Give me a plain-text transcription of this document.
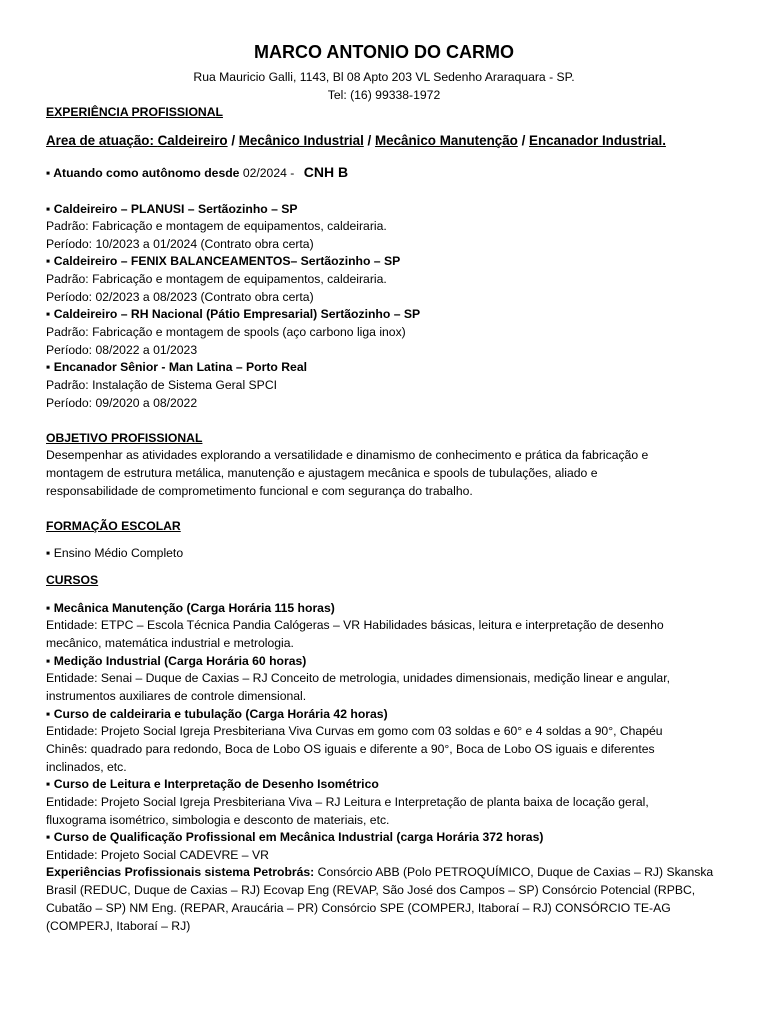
MARCO ANTONIO DO CARMO
Rua Mauricio Galli, 1143, Bl 08 Apto 203 VL Sedenho Araraquara - SP.
Tel: (16) 99338-1972
EXPERIÊNCIA PROFISSIONAL
Area de atuação: Caldeireiro / Mecânico Industrial / Mecânico Manutenção / Encanador Industrial.
▪ Atuando como autônomo desde 02/2024 - CNH B
▪ Caldeireiro – PLANUSI – Sertãozinho – SP
Padrão: Fabricação e montagem de equipamentos, caldeiraria.
Período: 10/2023 a 01/2024 (Contrato obra certa)
▪ Caldeireiro – FENIX BALANCEAMENTOS– Sertãozinho – SP
Padrão: Fabricação e montagem de equipamentos, caldeiraria.
Período: 02/2023 a 08/2023 (Contrato obra certa)
▪ Caldeireiro – RH Nacional (Pátio Empresarial) Sertãozinho – SP
Padrão: Fabricação e montagem de spools (aço carbono liga inox)
Período: 08/2022 a 01/2023
▪ Encanador Sênior - Man Latina – Porto Real
Padrão: Instalação de Sistema Geral SPCI
Período: 09/2020 a 08/2022
OBJETIVO PROFISSIONAL
Desempenhar as atividades explorando a versatilidade e dinamismo de conhecimento e prática da fabricação e
montagem de estrutura metálica, manutenção e ajustagem mecânica e spools de tubulações, aliado e
responsabilidade de comprometimento funcional e com segurança do trabalho.
FORMAÇÃO ESCOLAR
▪ Ensino Médio Completo
CURSOS
▪ Mecânica Manutenção (Carga Horária 115 horas)
Entidade: ETPC – Escola Técnica Pandia Calógeras – VR Habilidades básicas, leitura e interpretação de desenho
mecânico, matemática industrial e metrologia.
▪ Medição Industrial (Carga Horária 60 horas)
Entidade: Senai – Duque de Caxias – RJ Conceito de metrologia, unidades dimensionais, medição linear e angular,
instrumentos auxiliares de controle dimensional.
▪ Curso de caldeiraria e tubulação (Carga Horária 42 horas)
Entidade: Projeto Social Igreja Presbiteriana Viva Curvas em gomo com 03 soldas e 60° e 4 soldas a 90°, Chapéu
Chinês: quadrado para redondo, Boca de Lobo OS iguais e diferente a 90°, Boca de Lobo OS iguais e diferentes
inclinados, etc.
▪ Curso de Leitura e Interpretação de Desenho Isométrico
Entidade: Projeto Social Igreja Presbiteriana Viva – RJ Leitura e Interpretação de planta baixa de locação geral,
fluxograma isométrico, simbologia e desconto de materiais, etc.
▪ Curso de Qualificação Profissional em Mecânica Industrial (carga Horária 372 horas)
Entidade: Projeto Social CADEVRE – VR
Experiências Profissionais sistema Petrobrás: Consórcio ABB (Polo PETROQUÍMICO, Duque de Caxias – RJ) Skanska
Brasil (REDUC, Duque de Caxias – RJ) Ecovap Eng (REVAP, São José dos Campos – SP) Consórcio Potencial (RPBC,
Cubatão – SP) NM Eng. (REPAR, Araucária – PR) Consórcio SPE (COMPERJ, Itaboraí – RJ) CONSÓRCIO TE-AG
(COMPERJ, Itaboraí – RJ)
